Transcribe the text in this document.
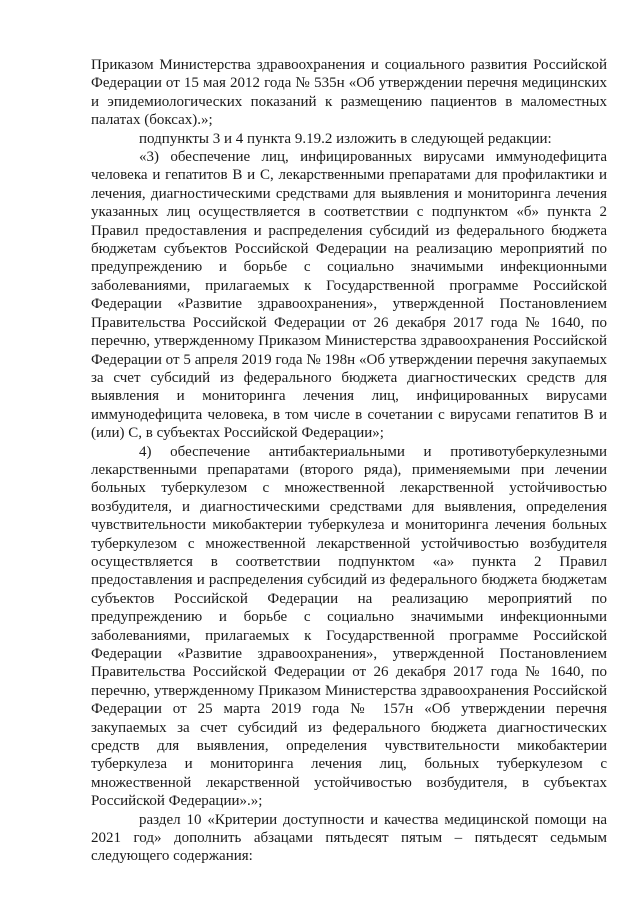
Приказом Министерства здравоохранения и социального развития Российской Федерации от 15 мая 2012 года № 535н «Об утверждении перечня медицинских и эпидемиологических показаний к размещению пациентов в маломестных палатах (боксах).»;

подпункты 3 и 4 пункта 9.19.2 изложить в следующей редакции:

«3) обеспечение лиц, инфицированных вирусами иммунодефицита человека и гепатитов B и C, лекарственными препаратами для профилактики и лечения, диагностическими средствами для выявления и мониторинга лечения указанных лиц осуществляется в соответствии с подпунктом «б» пункта 2 Правил предоставления и распределения субсидий из федерального бюджета бюджетам субъектов Российской Федерации на реализацию мероприятий по предупреждению и борьбе с социально значимыми инфекционными заболеваниями, прилагаемых к Государственной программе Российской Федерации «Развитие здравоохранения», утвержденной Постановлением Правительства Российской Федерации от 26 декабря 2017 года № 1640, по перечню, утвержденному Приказом Министерства здравоохранения Российской Федерации от 5 апреля 2019 года № 198н «Об утверждении перечня закупаемых за счет субсидий из федерального бюджета диагностических средств для выявления и мониторинга лечения лиц, инфицированных вирусами иммунодефицита человека, в том числе в сочетании с вирусами гепатитов B и (или) C, в субъектах Российской Федерации»;

4) обеспечение антибактериальными и противотуберкулезными лекарственными препаратами (второго ряда), применяемыми при лечении больных туберкулезом с множественной лекарственной устойчивостью возбудителя, и диагностическими средствами для выявления, определения чувствительности микобактерии туберкулеза и мониторинга лечения больных туберкулезом с множественной лекарственной устойчивостью возбудителя осуществляется в соответствии подпунктом «а» пункта 2 Правил предоставления и распределения субсидий из федерального бюджета бюджетам субъектов Российской Федерации на реализацию мероприятий по предупреждению и борьбе с социально значимыми инфекционными заболеваниями, прилагаемых к Государственной программе Российской Федерации «Развитие здравоохранения», утвержденной Постановлением Правительства Российской Федерации от 26 декабря 2017 года № 1640, по перечню, утвержденному Приказом Министерства здравоохранения Российской Федерации от 25 марта 2019 года № 157н «Об утверждении перечня закупаемых за счет субсидий из федерального бюджета диагностических средств для выявления, определения чувствительности микобактерии туберкулеза и мониторинга лечения лиц, больных туберкулезом с множественной лекарственной устойчивостью возбудителя, в субъектах Российской Федерации».»;

раздел 10 «Критерии доступности и качества медицинской помощи на 2021 год» дополнить абзацами пятьдесят пятым – пятьдесят седьмым следующего содержания:
